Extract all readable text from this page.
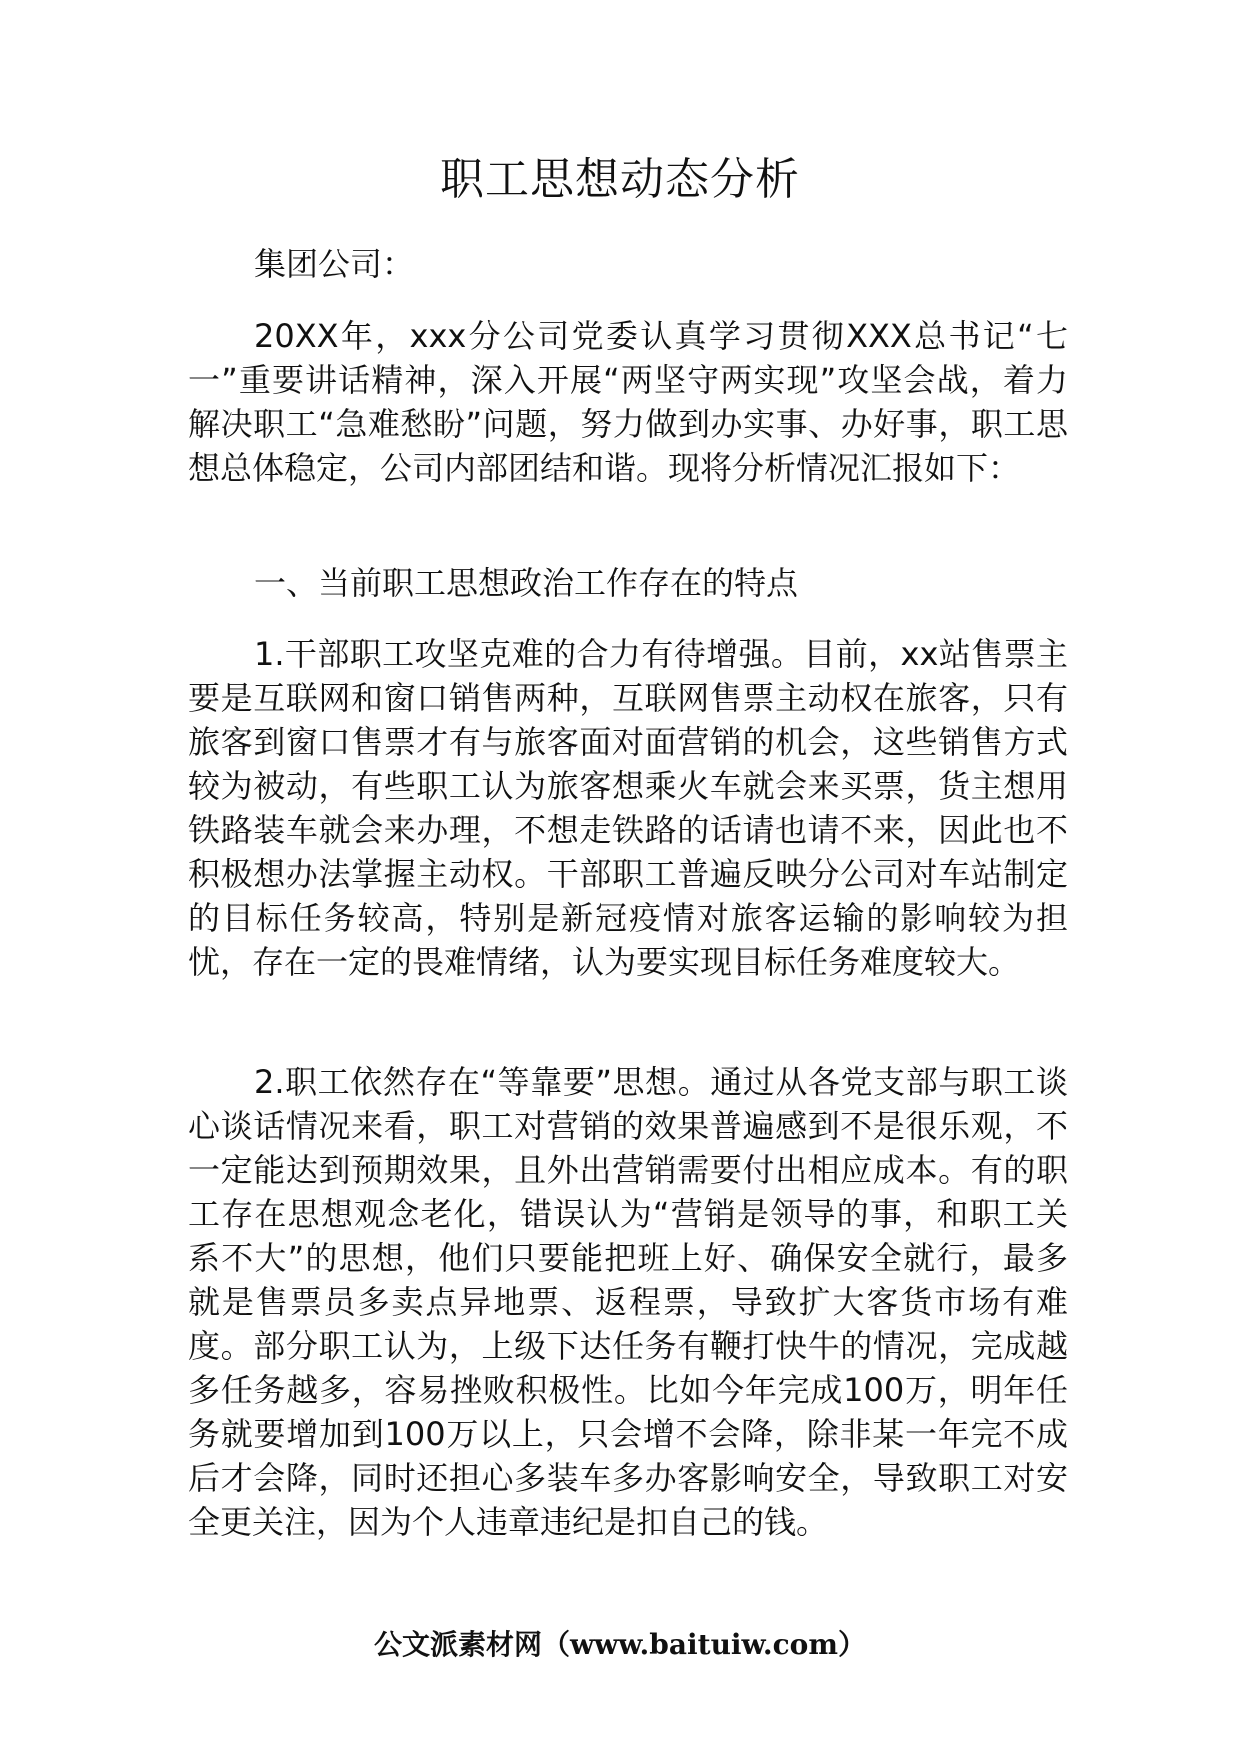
职工思想动态分析

集团公司：

20XX年，xxx分公司党委认真学习贯彻XXX总书记“七一”重要讲话精神，深入开展“两坚守两实现”攻坚会战，着力解决职工“急难愁盼”问题，努力做到办实事、办好事，职工思想总体稳定，公司内部团结和谐。现将分析情况汇报如下：

一、当前职工思想政治工作存在的特点

1.干部职工攻坚克难的合力有待增强。目前，xx站售票主要是互联网和窗口销售两种，互联网售票主动权在旅客，只有旅客到窗口售票才有与旅客面对面营销的机会，这些销售方式较为被动，有些职工认为旅客想乘火车就会来买票，货主想用铁路装车就会来办理，不想走铁路的话请也请不来，因此也不积极想办法掌握主动权。干部职工普遍反映分公司对车站制定的目标任务较高，特别是新冠疫情对旅客运输的影响较为担忧，存在一定的畏难情绪，认为要实现目标任务难度较大。

2.职工依然存在“等靠要”思想。通过从各党支部与职工谈心谈话情况来看，职工对营销的效果普遍感到不是很乐观，不一定能达到预期效果，且外出营销需要付出相应成本。有的职工存在思想观念老化，错误认为“营销是领导的事，和职工关系不大”的思想，他们只要能把班上好、确保安全就行，最多就是售票员多卖点异地票、返程票，导致扩大客货市场有难度。部分职工认为，上级下达任务有鞭打快牛的情况，完成越多任务越多，容易挫败积极性。比如今年完成100万，明年任务就要增加到100万以上，只会增不会降，除非某一年完不成后才会降，同时还担心多装车多办客影响安全，导致职工对安全更关注，因为个人违章违纪是扣自己的钱。

公文派素材网（www.baituiw.com）
